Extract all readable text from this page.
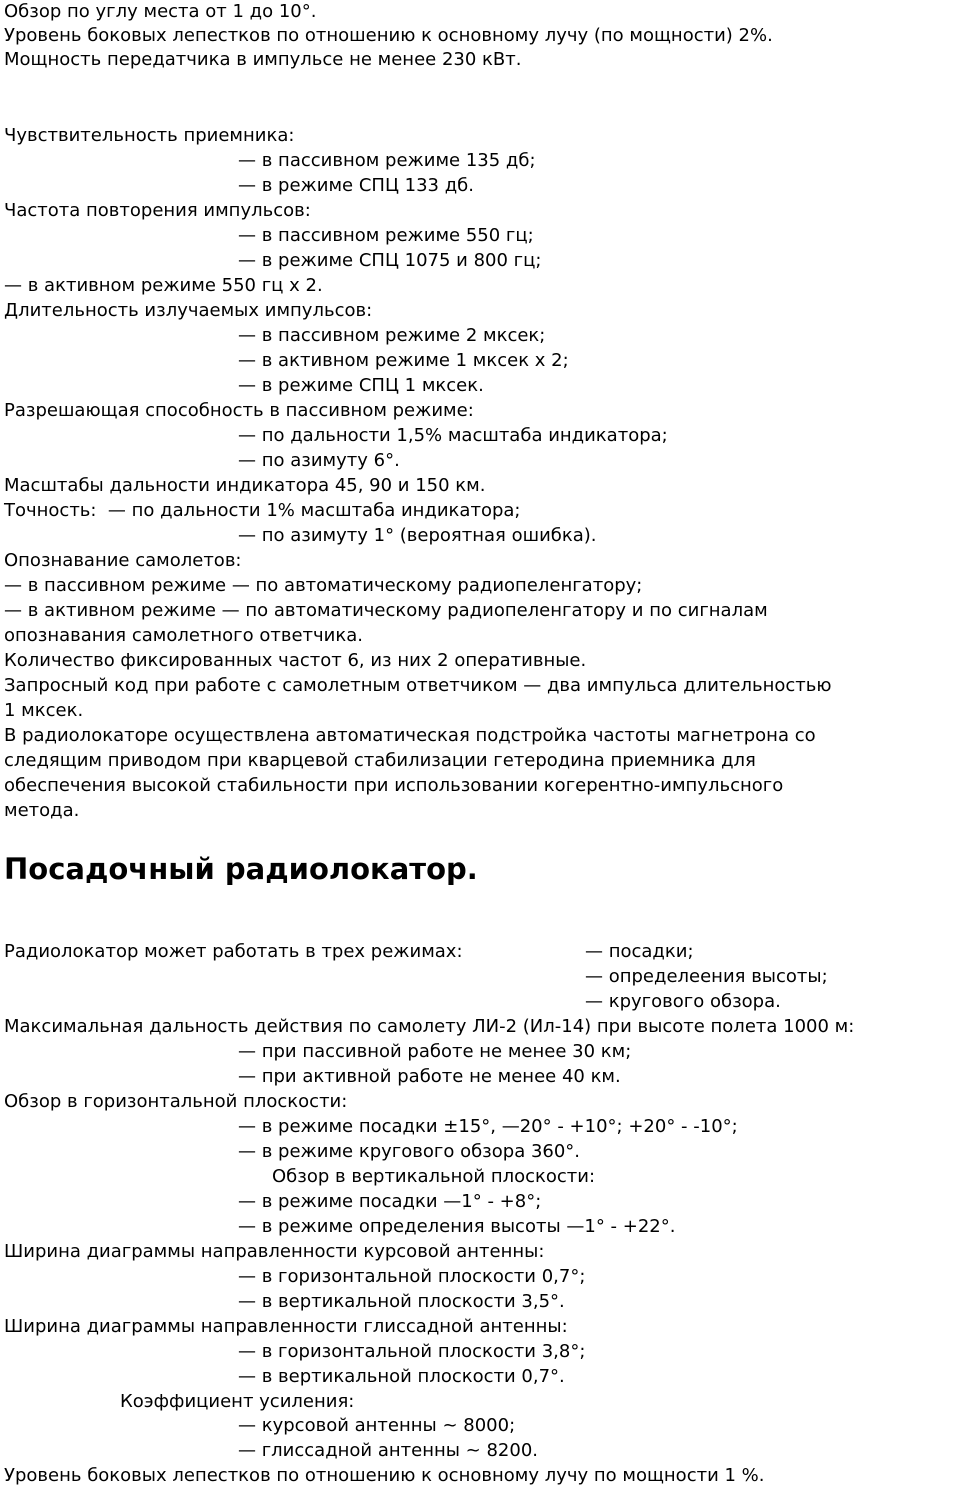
Обзор по углу места от 1 до 10°.
Уровень боковых лепестков по отношению к основному лучу (по мощности) 2%.
Мощность передатчика в импульсе не менее 230 кВт.
Чувствительность приемника:
— в пассивном режиме 135 дб;
— в режиме СПЦ 133 дб.
Частота повторения импульсов:
— в пассивном режиме 550 гц;
— в режиме СПЦ 1075 и 800 гц;
— в активном режиме 550 гц x 2.
Длительность излучаемых импульсов:
— в пассивном режиме 2 мксек;
— в активном режиме 1 мксек x 2;
— в режиме СПЦ 1 мксек.
Разрешающая способность в пассивном режиме:
— по дальности 1,5% масштаба индикатора;
— по азимуту 6°.
Масштабы дальности индикатора 45, 90 и 150 км.
Точность:  — по дальности 1% масштаба индикатора;
— по азимуту 1° (вероятная ошибка).
Опознавание самолетов:
— в пассивном режиме — по автоматическому радиопеленгатору;
— в активном режиме — по автоматическому радиопеленгатору и по сигналам
опознавания самолетного ответчика.
Количество фиксированных частот 6, из них 2 оперативные.
Запросный код при работе с самолетным ответчиком — два импульса длительностью
1 мксек.
В радиолокаторе осуществлена автоматическая подстройка частоты магнетрона со
следящим приводом при кварцевой стабилизации гетеродина приемника для
обеспечения высокой стабильности при использовании когерентно-импульсного
метода.
Посадочный радиолокатор.
Радиолокатор может работать в трех режимах:	— посадки;
— определеения высоты;
— кругового обзора.
Максимальная дальность действия по самолету ЛИ-2 (Ил-14) при высоте полета 1000 м:
— при пассивной работе не менее 30 км;
— при активной работе не менее 40 км.
Обзор в горизонтальной плоскости:
— в режиме посадки ±15°, —20° - +10°; +20° - -10°;
— в режиме кругового обзора 360°.
Обзор в вертикальной плоскости:
— в режиме посадки —1° - +8°;
— в режиме определения высоты —1° - +22°.
Ширина диаграммы направленности курсовой антенны:
— в горизонтальной плоскости 0,7°;
— в вертикальной плоскости 3,5°.
Ширина диаграммы направленности глиссадной антенны:
— в горизонтальной плоскости 3,8°;
— в вертикальной плоскости 0,7°.
Коэффициент усиления:
— курсовой антенны ~ 8000;
— глиссадной антенны ~ 8200.
Уровень боковых лепестков по отношению к основному лучу по мощности 1 %.
